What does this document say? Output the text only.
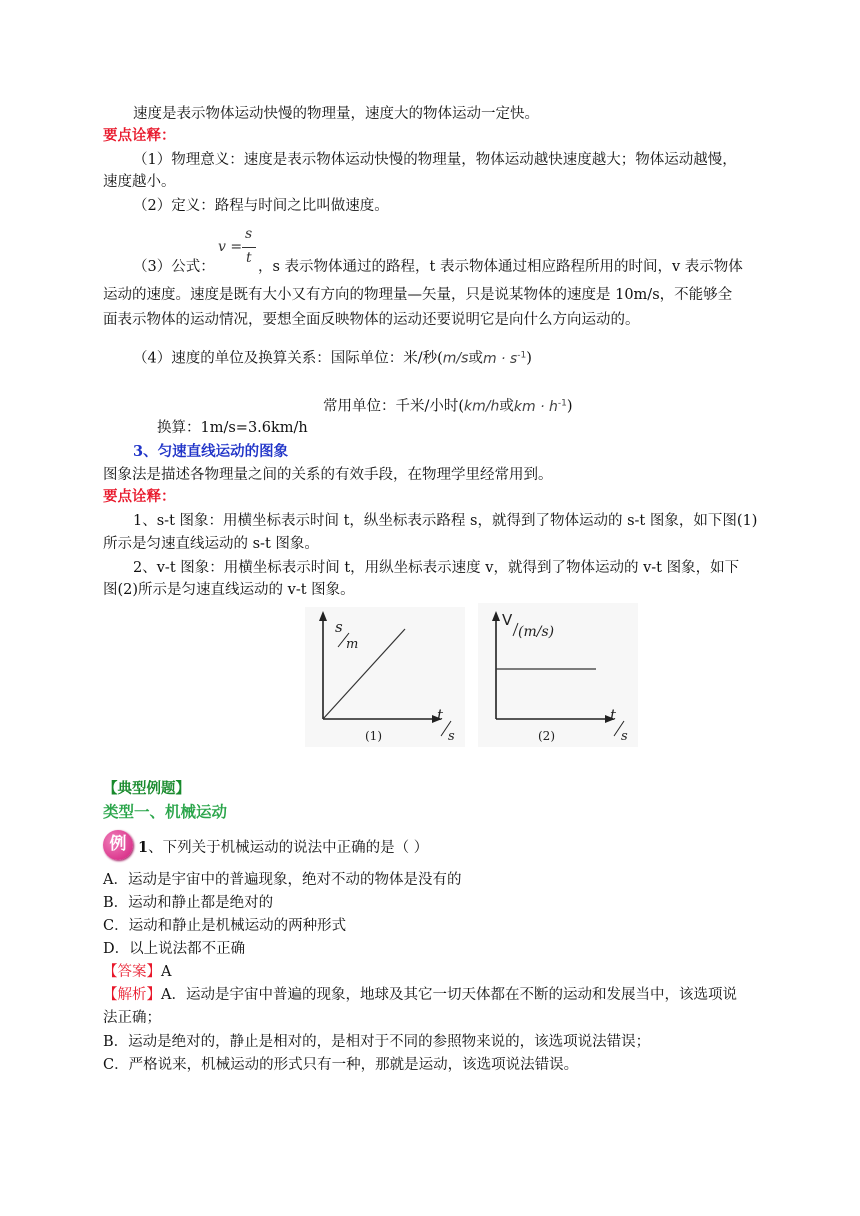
速度是表示物体运动快慢的物理量，速度大的物体运动一定快。
要点诠释：
（1）物理意义：速度是表示物体运动快慢的物理量，物体运动越快速度越大；物体运动越慢，
速度越小。
（2）定义：路程与时间之比叫做速度。
（3）公式：
v =
s
t
，s 表示物体通过的路程，t 表示物体通过相应路程所用的时间，v 表示物体
运动的速度。速度是既有大小又有方向的物理量—矢量，只是说某物体的速度是 10m/s，不能够全
面表示物体的运动情况，要想全面反映物体的运动还要说明它是向什么方向运动的。
（4）速度的单位及换算关系：国际单位：米/秒(m/s或$m \cdot s^{-1}$)
常用单位：千米/小时(km/h或km · $h^{-1}$)
换算：1m/s=3.6km/h
3、匀速直线运动的图象
图象法是描述各物理量之间的关系的有效手段，在物理学里经常用到。
要点诠释：
1、s-t 图象：用横坐标表示时间 t，纵坐标表示路程 s，就得到了物体运动的 s-t 图象，如下图(1)
所示是匀速直线运动的 s-t 图象。
2、v-t 图象：用横坐标表示时间 t，用纵坐标表示速度 v，就得到了物体运动的 v-t 图象，如下
图(2)所示是匀速直线运动的 v-t 图象。
s
m
t
s
(1)
V
(m/s)
t
s
(2)
【典型例题】
类型一、机械运动
例 1、下列关于机械运动的说法中正确的是（ ）
A．运动是宇宙中的普遍现象，绝对不动的物体是没有的
B．运动和静止都是绝对的
C．运动和静止是机械运动的两种形式
D．以上说法都不正确
【答案】A
【解析】A．运动是宇宙中普遍的现象，地球及其它一切天体都在不断的运动和发展当中，该选项说
法正确；
B．运动是绝对的，静止是相对的，是相对于不同的参照物来说的，该选项说法错误；
C．严格说来，机械运动的形式只有一种，那就是运动，该选项说法错误。
